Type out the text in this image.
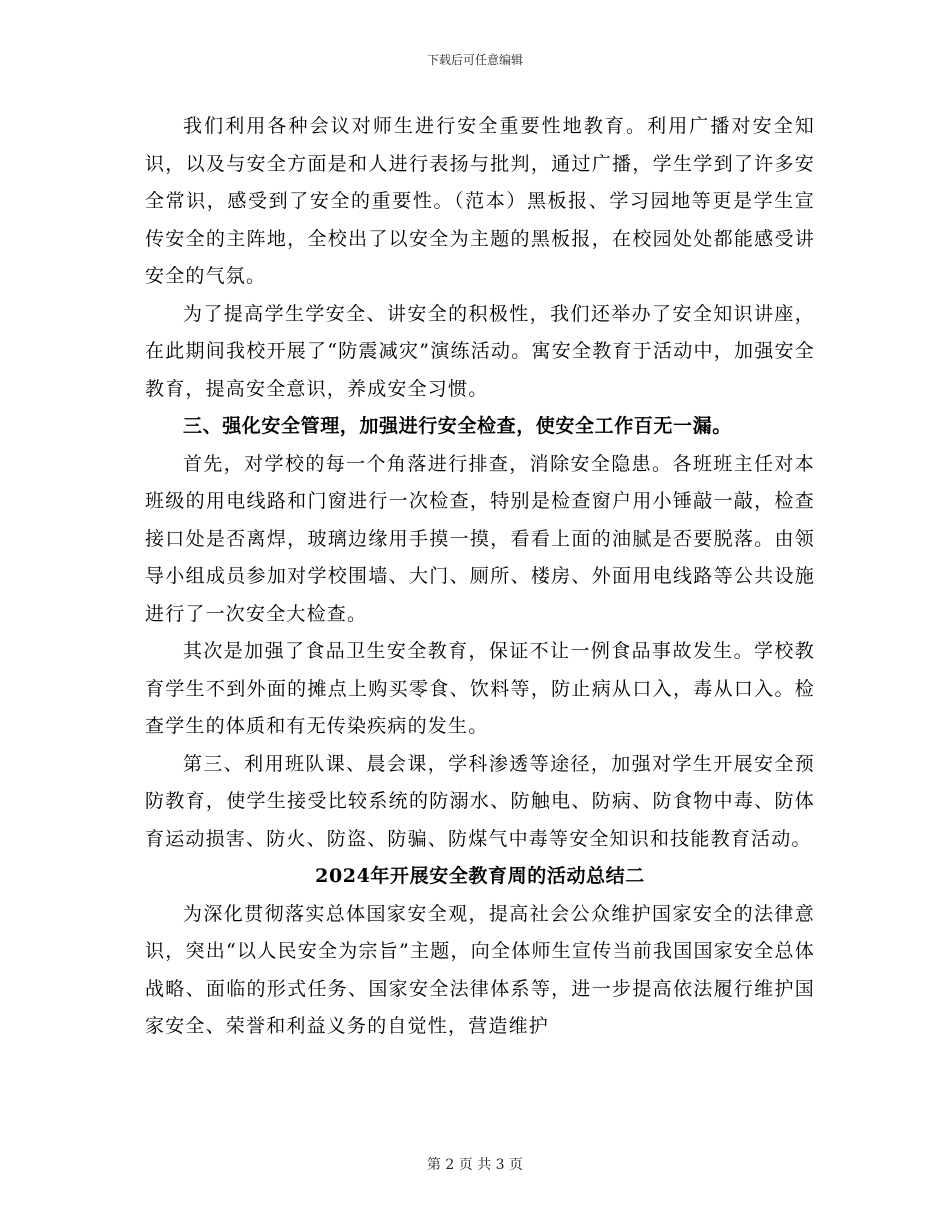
下载后可任意编辑

我们利用各种会议对师生进行安全重要性地教育。利用广播对安全知识，以及与安全方面是和人进行表扬与批判，通过广播，学生学到了许多安全常识，感受到了安全的重要性。（范本）黑板报、学习园地等更是学生宣传安全的主阵地，全校出了以安全为主题的黑板报，在校园处处都能感受讲安全的气氛。

为了提高学生学安全、讲安全的积极性，我们还举办了安全知识讲座，在此期间我校开展了“防震减灾”演练活动。寓安全教育于活动中，加强安全教育，提高安全意识，养成安全习惯。

三、强化安全管理，加强进行安全检查，使安全工作百无一漏。

首先，对学校的每一个角落进行排查，消除安全隐患。各班班主任对本班级的用电线路和门窗进行一次检查，特别是检查窗户用小锤敲一敲，检查接口处是否离焊，玻璃边缘用手摸一摸，看看上面的油腻是否要脱落。由领导小组成员参加对学校围墙、大门、厕所、楼房、外面用电线路等公共设施进行了一次安全大检查。

其次是加强了食品卫生安全教育，保证不让一例食品事故发生。学校教育学生不到外面的摊点上购买零食、饮料等，防止病从口入，毒从口入。检查学生的体质和有无传染疾病的发生。

第三、利用班队课、晨会课，学科渗透等途径，加强对学生开展安全预防教育，使学生接受比较系统的防溺水、防触电、防病、防食物中毒、防体育运动损害、防火、防盗、防骗、防煤气中毒等安全知识和技能教育活动。

2024年开展安全教育周的活动总结二

为深化贯彻落实总体国家安全观，提高社会公众维护国家安全的法律意识，突出“以人民安全为宗旨”主题，向全体师生宣传当前我国国家安全总体战略、面临的形式任务、国家安全法律体系等，进一步提高依法履行维护国家安全、荣誉和利益义务的自觉性，营造维护

第 2 页 共 3 页
